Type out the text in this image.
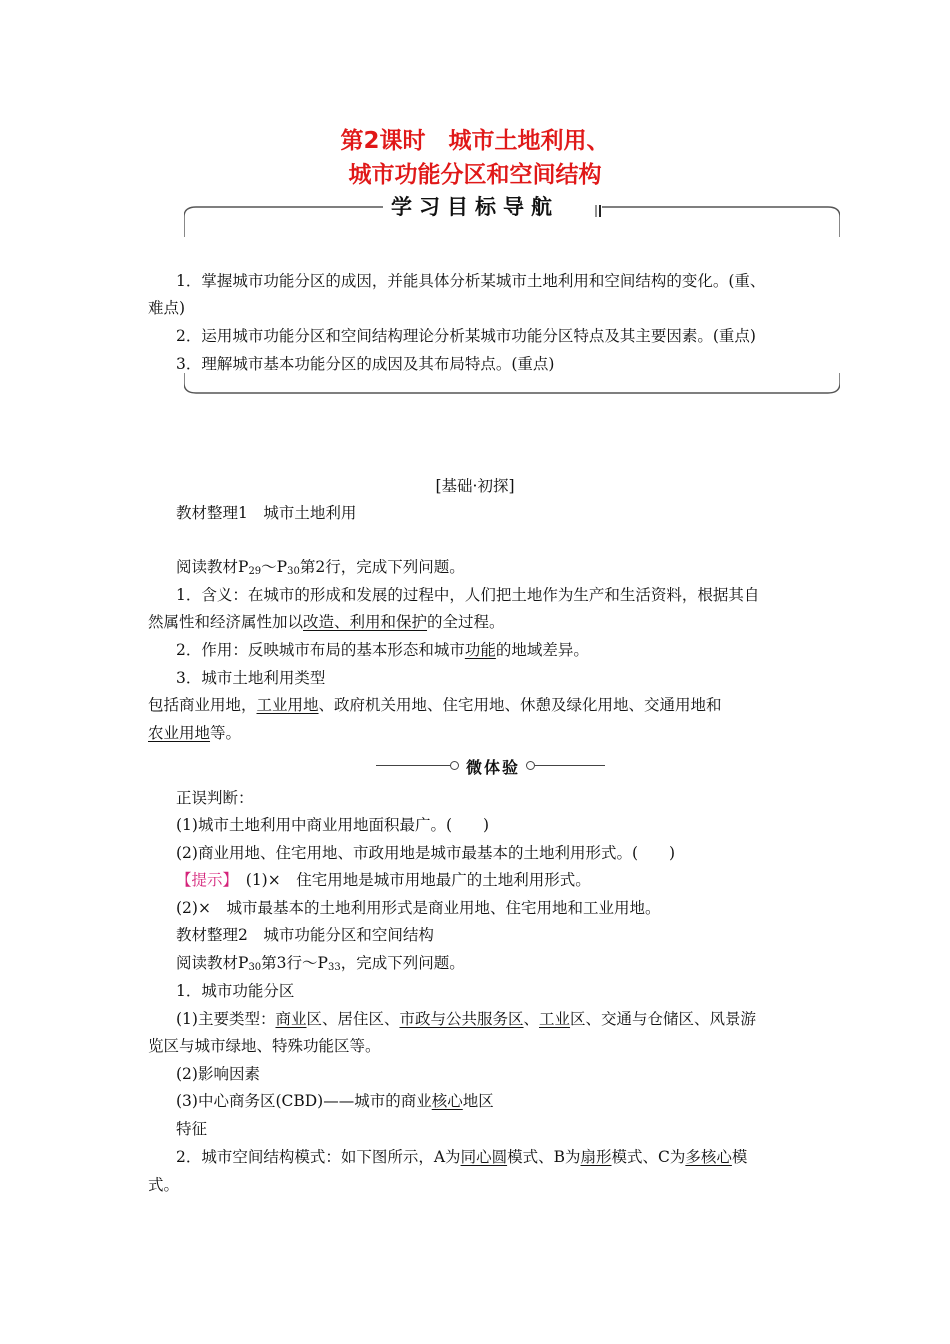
第2课时　城市土地利用、
城市功能分区和空间结构
学习目标导航
1．掌握城市功能分区的成因，并能具体分析某城市土地利用和空间结构的变化。(重、
难点)
2．运用城市功能分区和空间结构理论分析某城市功能分区特点及其主要因素。(重点)
3．理解城市基本功能分区的成因及其布局特点。(重点)
[基础·初探]
教材整理1　城市土地利用
阅读教材$P_{29}\sim P_{30}$第2行，完成下列问题。
1．含义：在城市的形成和发展的过程中，人们把土地作为生产和生活资料，根据其自
然属性和经济属性加以改造、利用和保护的全过程。
2．作用：反映城市布局的基本形态和城市功能的地域差异。
3．城市土地利用类型
包括商业用地，工业用地、政府机关用地、住宅用地、休憩及绿化用地、交通用地和
农业用地等。
微体验
正误判断：
(1)城市土地利用中商业用地面积最广。(　　)
(2)商业用地、住宅用地、市政用地是城市最基本的土地利用形式。(　　)
【提示】　(1)×　住宅用地是城市用地最广的土地利用形式。
(2)×　城市最基本的土地利用形式是商业用地、住宅用地和工业用地。
教材整理2　城市功能分区和空间结构
阅读教材$P_{30}$第3行$\sim P_{33}$，完成下列问题。
1．城市功能分区
(1)主要类型：商业区、居住区、市政与公共服务区、工业区、交通与仓储区、风景游
览区与城市绿地、特殊功能区等。
(2)影响因素
(3)中心商务区(CBD)——城市的商业核心地区
特征
2．城市空间结构模式：如下图所示，A为同心圆模式、B为扇形模式、C为多核心模
式。
